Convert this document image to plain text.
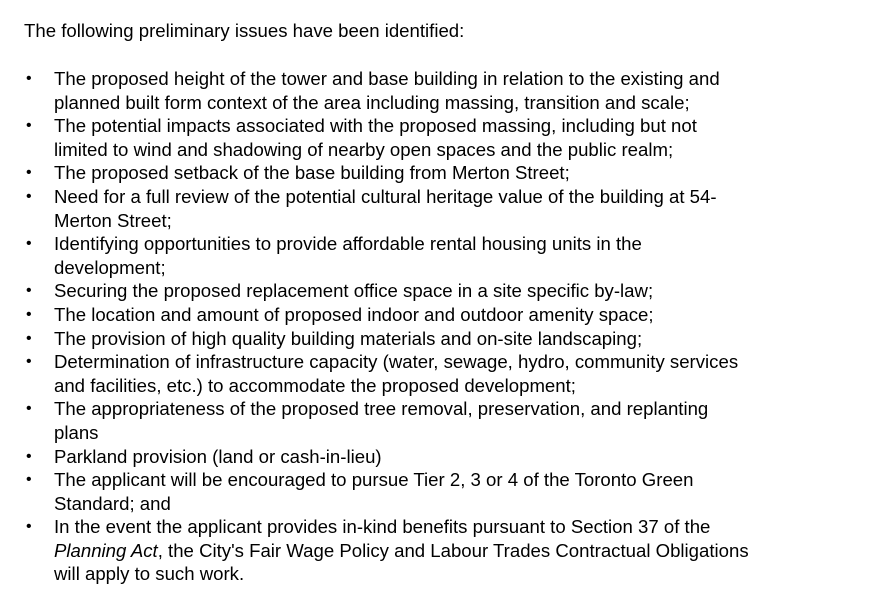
The following preliminary issues have been identified:

• The proposed height of the tower and base building in relation to the existing and
planned built form context of the area including massing, transition and scale;
• The potential impacts associated with the proposed massing, including but not
limited to wind and shadowing of nearby open spaces and the public realm;
• The proposed setback of the base building from Merton Street;
• Need for a full review of the potential cultural heritage value of the building at 54-
Merton Street;
• Identifying opportunities to provide affordable rental housing units in the
development;
• Securing the proposed replacement office space in a site specific by-law;
• The location and amount of proposed indoor and outdoor amenity space;
• The provision of high quality building materials and on-site landscaping;
• Determination of infrastructure capacity (water, sewage, hydro, community services
and facilities, etc.) to accommodate the proposed development;
• The appropriateness of the proposed tree removal, preservation, and replanting
plans
• Parkland provision (land or cash-in-lieu)
• The applicant will be encouraged to pursue Tier 2, 3 or 4 of the Toronto Green
Standard; and
• In the event the applicant provides in-kind benefits pursuant to Section 37 of the
Planning Act, the City's Fair Wage Policy and Labour Trades Contractual Obligations
will apply to such work.
